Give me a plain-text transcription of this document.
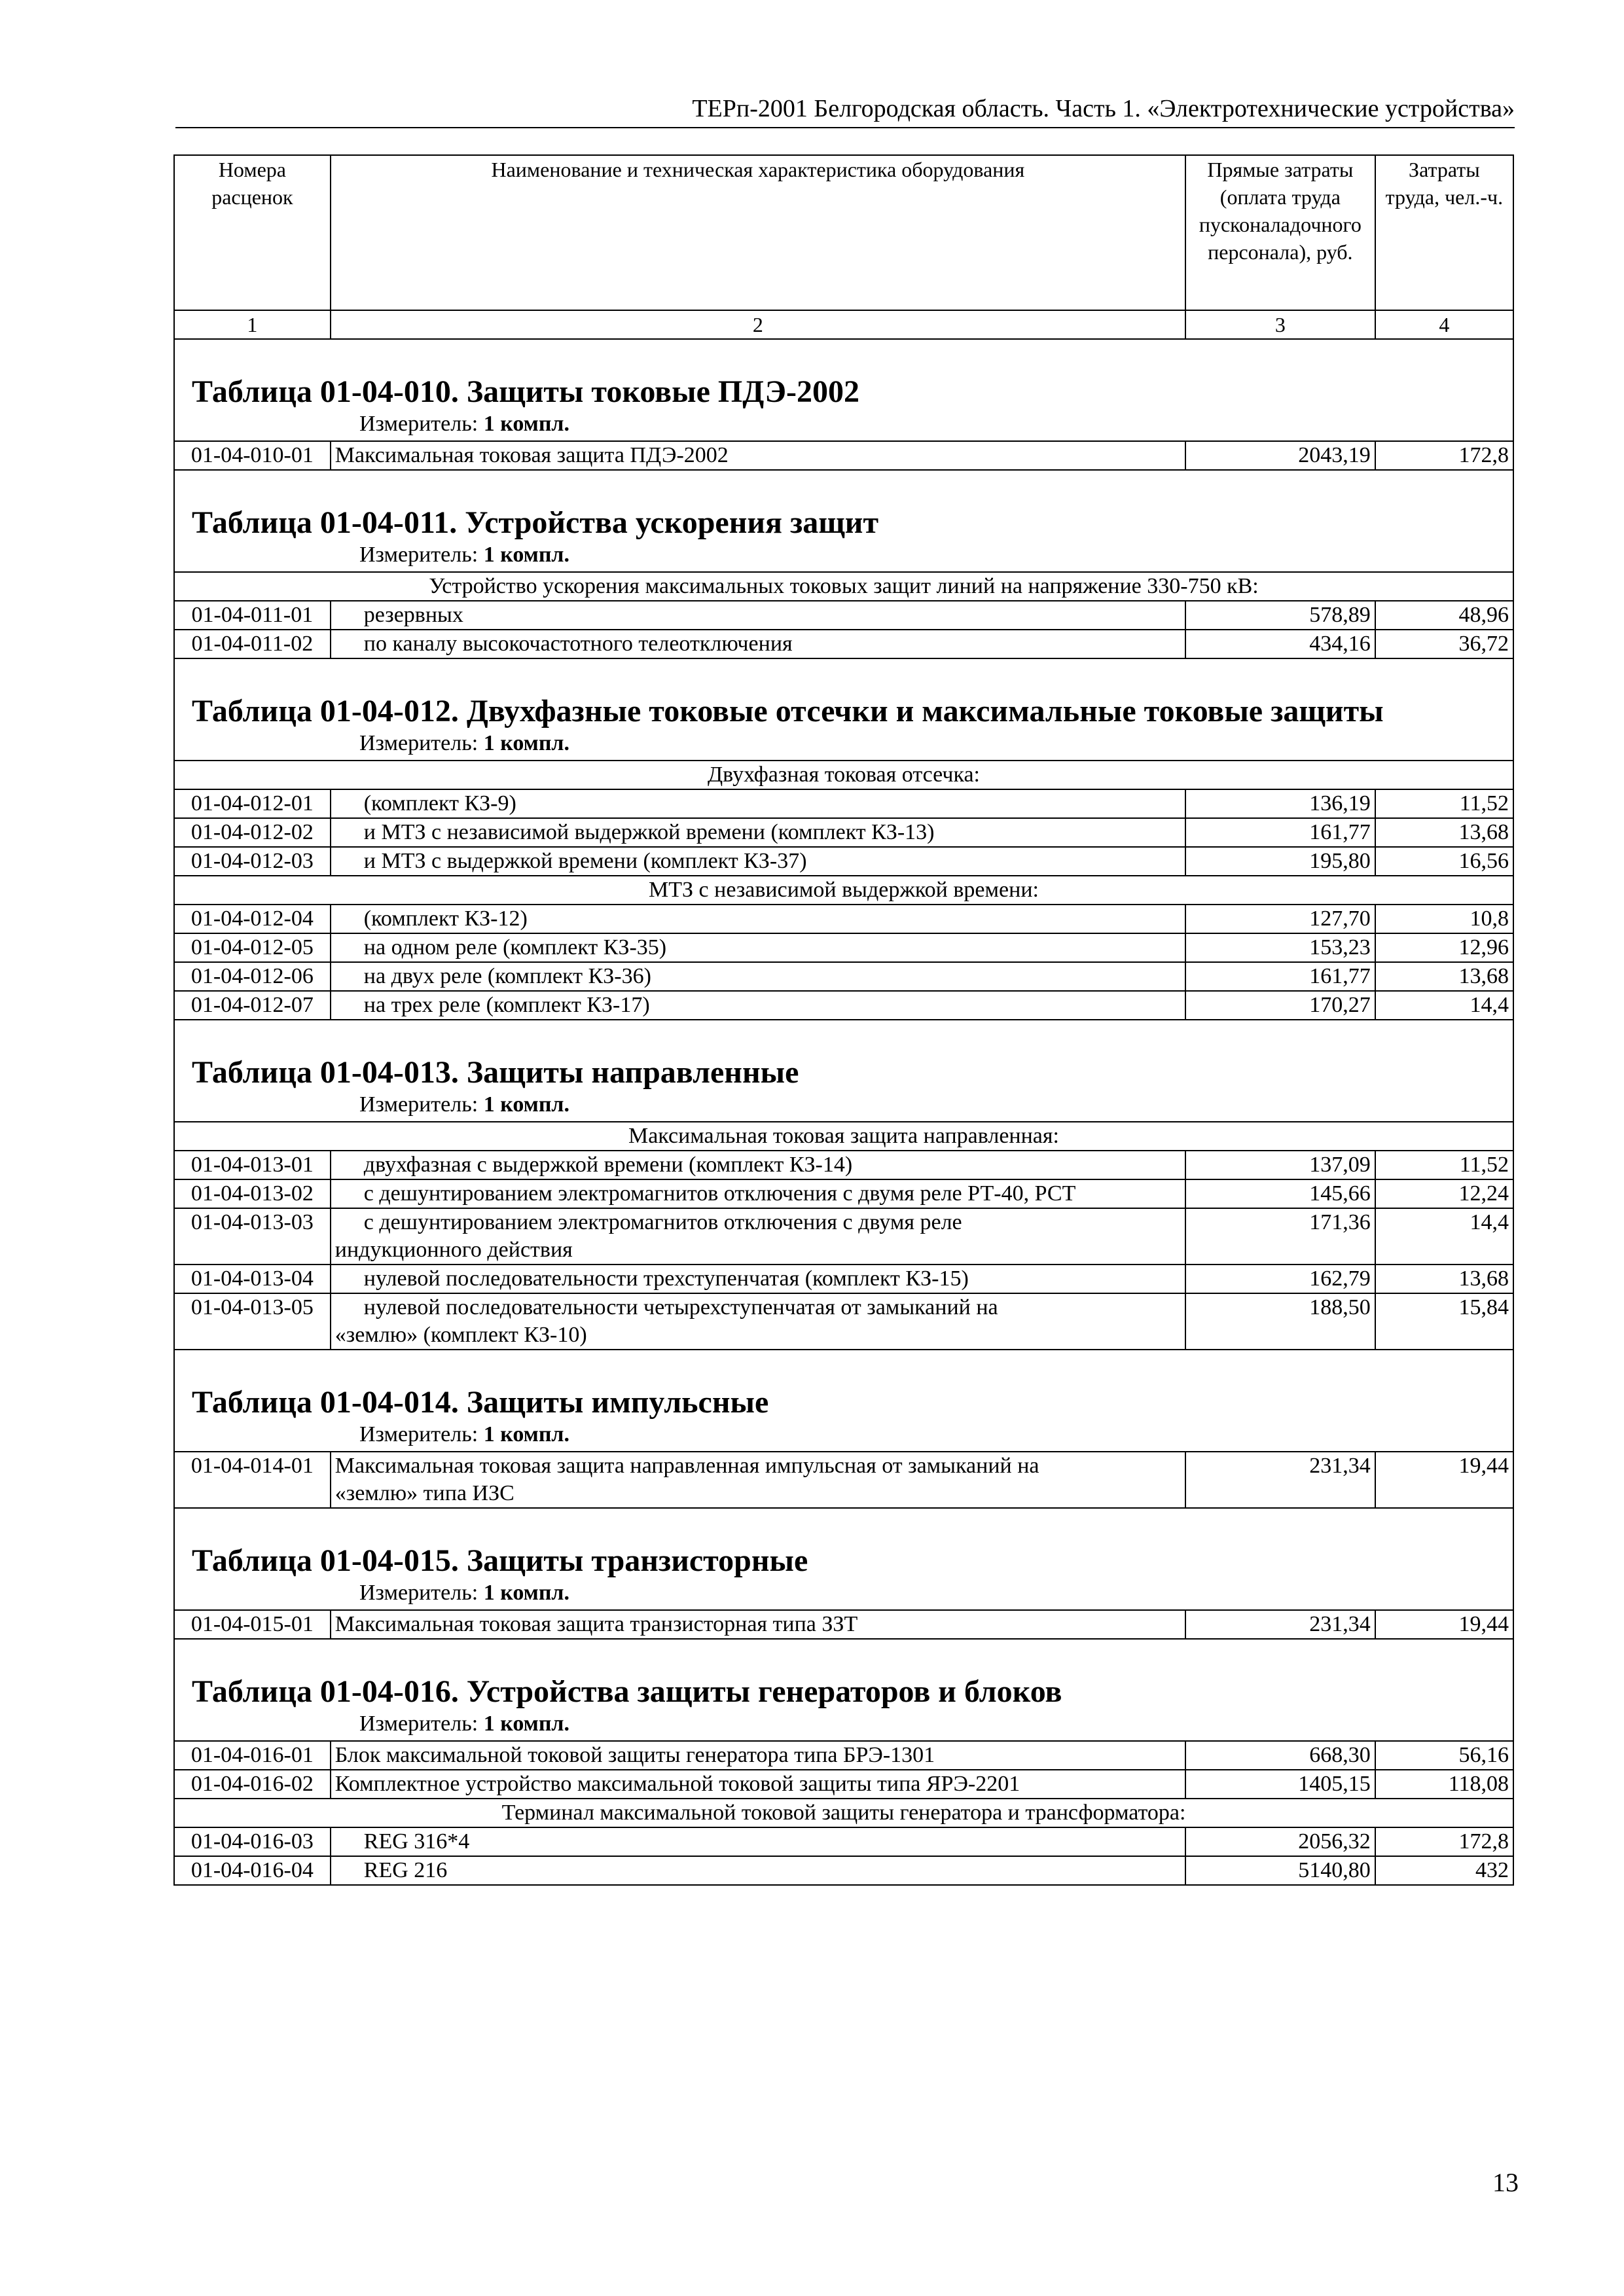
ТЕРп-2001 Белгородская область. Часть 1. «Электротехнические устройства»
Номера расценок	Наименование и техническая характеристика оборудования	Прямые затраты (оплата труда пусконаладочного персонала), руб.	Затраты труда, чел.-ч.
1	2	3	4

Таблица 01-04-010. Защиты токовые ПДЭ-2002
Измеритель: 1 компл.			

01-04-010-01	Максимальная токовая защита ПДЭ-2002	2043,19	172,8

Таблица 01-04-011. Устройства ускорения защит
Измеритель: 1 компл.			

Устройство ускорения максимальных токовых защит линий на напряжение 330-750 кВ:			
01-04-011-01	резервных	578,89	48,96
01-04-011-02	по каналу высокочастотного телеотключения	434,16	36,72

Таблица 01-04-012. Двухфазные токовые отсечки и максимальные токовые защиты
Измеритель: 1 компл.			

Двухфазная токовая отсечка:			
01-04-012-01	(комплект КЗ-9)	136,19	11,52
01-04-012-02	и МТЗ с независимой выдержкой времени (комплект КЗ-13)	161,77	13,68
01-04-012-03	и МТЗ с выдержкой времени (комплект КЗ-37)	195,80	16,56
МТЗ с независимой выдержкой времени:			
01-04-012-04	(комплект КЗ-12)	127,70	10,8
01-04-012-05	на одном реле (комплект КЗ-35)	153,23	12,96
01-04-012-06	на двух реле (комплект КЗ-36)	161,77	13,68
01-04-012-07	на трех реле (комплект КЗ-17)	170,27	14,4

Таблица 01-04-013. Защиты направленные
Измеритель: 1 компл.			

Максимальная токовая защита направленная:			
01-04-013-01	двухфазная с выдержкой времени (комплект КЗ-14)	137,09	11,52
01-04-013-02	с дешунтированием электромагнитов отключения с двумя реле РТ-40, РСТ	145,66	12,24
01-04-013-03	с дешунтированием электромагнитов отключения с двумя реле
индукционного действия	171,36	14,4
01-04-013-04	нулевой последовательности трехступенчатая (комплект КЗ-15)	162,79	13,68
01-04-013-05	нулевой последовательности четырехступенчатая от замыканий на
«землю» (комплект КЗ-10)	188,50	15,84

Таблица 01-04-014. Защиты импульсные
Измеритель: 1 компл.			

01-04-014-01	Максимальная токовая защита направленная импульсная от замыканий на
«землю» типа ИЗС	231,34	19,44

Таблица 01-04-015. Защиты транзисторные
Измеритель: 1 компл.			

01-04-015-01	Максимальная токовая защита транзисторная типа ЗЗТ	231,34	19,44

Таблица 01-04-016. Устройства защиты генераторов и блоков
Измеритель: 1 компл.			

01-04-016-01	Блок максимальной токовой защиты генератора типа БРЭ-1301	668,30	56,16
01-04-016-02	Комплектное устройство максимальной токовой защиты типа ЯРЭ-2201	1405,15	118,08
Терминал максимальной токовой защиты генератора и трансформатора:			
01-04-016-03	REG 316*4	2056,32	172,8
01-04-016-04	REG 216	5140,80	432
13
